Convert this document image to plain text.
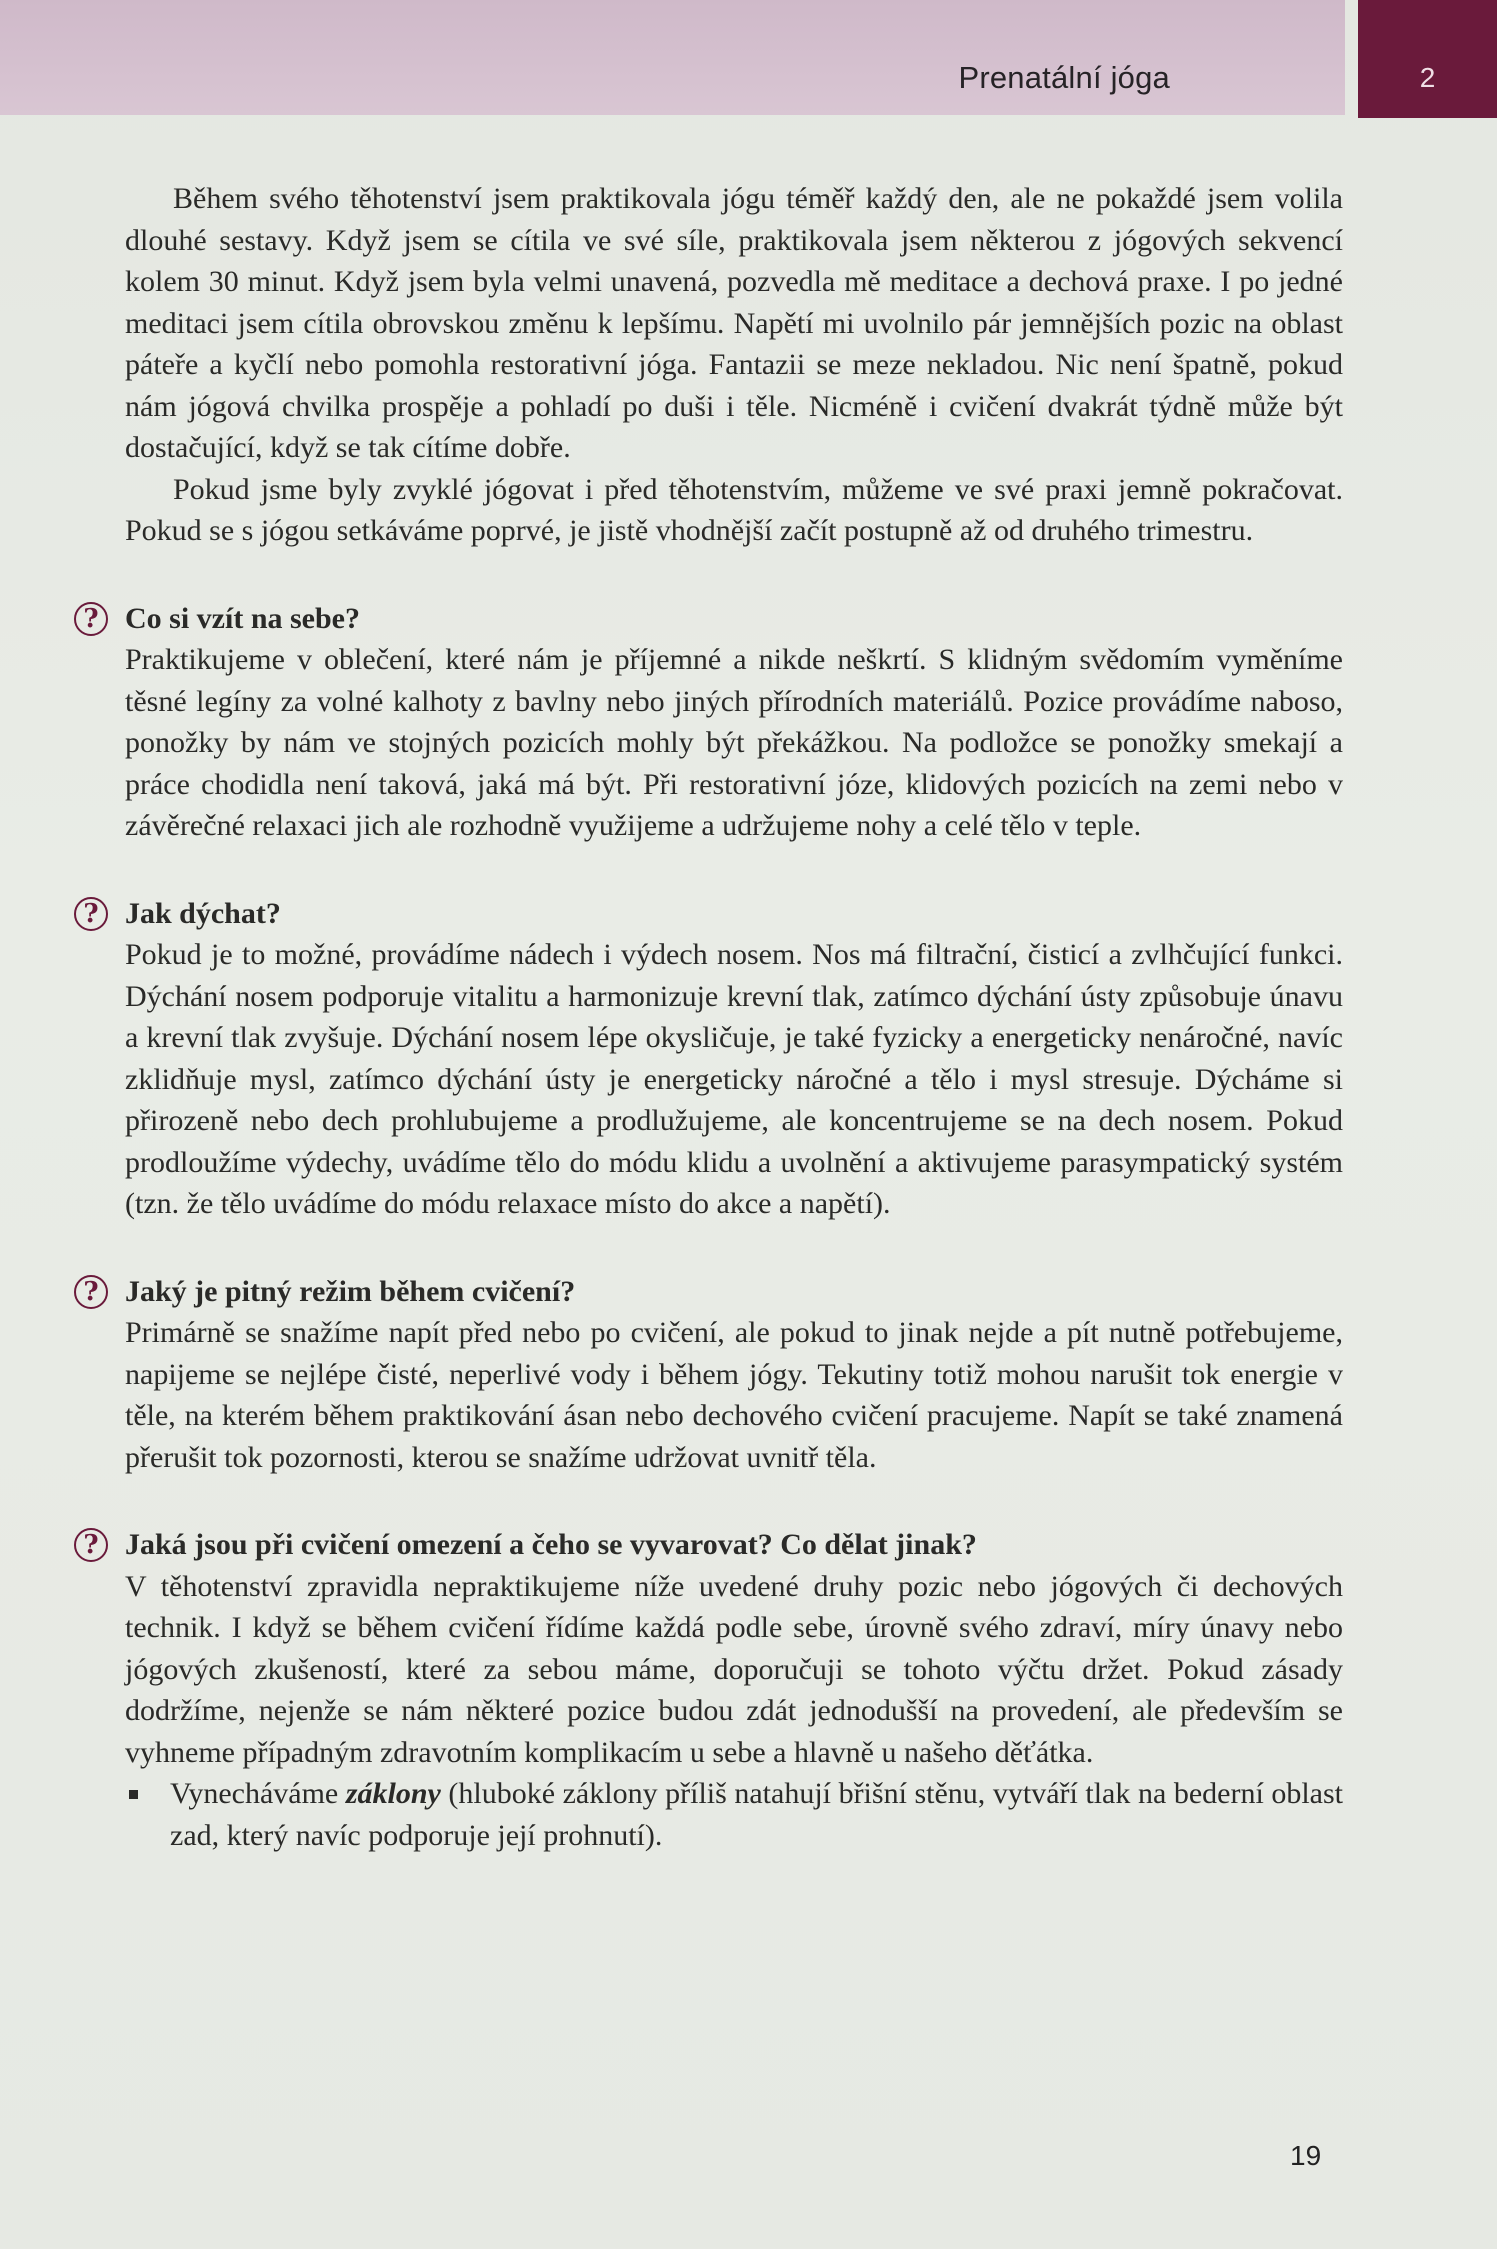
Prenatální jóga	2

Během svého těhotenství jsem praktikovala jógu téměř každý den, ale ne pokaždé jsem volila dlouhé sestavy. Když jsem se cítila ve své síle, praktikovala jsem některou z jógových sekvencí kolem 30 minut. Když jsem byla velmi unavená, pozvedla mě meditace a dechová praxe. I po jedné meditaci jsem cítila obrovskou změnu k lepšímu. Napětí mi uvolnilo pár jemnějších pozic na oblast páteře a kyčlí nebo pomohla restorativní jóga. Fantazii se meze nekladou. Nic není špatně, pokud nám jógová chvilka prospěje a pohladí po duši i těle. Nicméně i cvičení dvakrát týdně může být dostačující, když se tak cítíme dobře.

Pokud jsme byly zvyklé jógovat i před těhotenstvím, můžeme ve své praxi jemně pokračovat. Pokud se s jógou setkáváme poprvé, je jistě vhodnější začít postupně až od druhého trimestru.

? Co si vzít na sebe?

Praktikujeme v oblečení, které nám je příjemné a nikde neškrtí. S klidným svědomím vyměníme těsné legíny za volné kalhoty z bavlny nebo jiných přírodních materiálů. Pozice provádíme naboso, ponožky by nám ve stojných pozicích mohly být překážkou. Na podložce se ponožky smekají a práce chodidla není taková, jaká má být. Při restorativní józe, klidových pozicích na zemi nebo v závěrečné relaxaci jich ale rozhodně využijeme a udržujeme nohy a celé tělo v teple.

? Jak dýchat?

Pokud je to možné, provádíme nádech i výdech nosem. Nos má filtrační, čisticí a zvlhčující funkci. Dýchání nosem podporuje vitalitu a harmonizuje krevní tlak, zatímco dýchání ústy způsobuje únavu a krevní tlak zvyšuje. Dýchání nosem lépe okysličuje, je také fyzicky a energeticky nenáročné, navíc zklidňuje mysl, zatímco dýchání ústy je energeticky náročné a tělo i mysl stresuje. Dýcháme si přirozeně nebo dech prohlubujeme a prodlužujeme, ale koncentrujeme se na dech nosem. Pokud prodloužíme výdechy, uvádíme tělo do módu klidu a uvolnění a aktivujeme parasympatický systém (tzn. že tělo uvádíme do módu relaxace místo do akce a napětí).

? Jaký je pitný režim během cvičení?

Primárně se snažíme napít před nebo po cvičení, ale pokud to jinak nejde a pít nutně potřebujeme, napijeme se nejlépe čisté, neperlivé vody i během jógy. Tekutiny totiž mohou narušit tok energie v těle, na kterém během praktikování ásan nebo dechového cvičení pracujeme. Napít se také znamená přerušit tok pozornosti, kterou se snažíme udržovat uvnitř těla.

? Jaká jsou při cvičení omezení a čeho se vyvarovat? Co dělat jinak?

V těhotenství zpravidla nepraktikujeme níže uvedené druhy pozic nebo jógových či dechových technik. I když se během cvičení řídíme každá podle sebe, úrovně svého zdraví, míry únavy nebo jógových zkušeností, které za sebou máme, doporučuji se tohoto výčtu držet. Pokud zásady dodržíme, nejenže se nám některé pozice budou zdát jednodušší na provedení, ale především se vyhneme případným zdravotním komplikacím u sebe a hlavně u našeho děťátka.

Vynecháváme záklony (hluboké záklony příliš natahují břišní stěnu, vytváří tlak na bederní oblast zad, který navíc podporuje její prohnutí).

19
